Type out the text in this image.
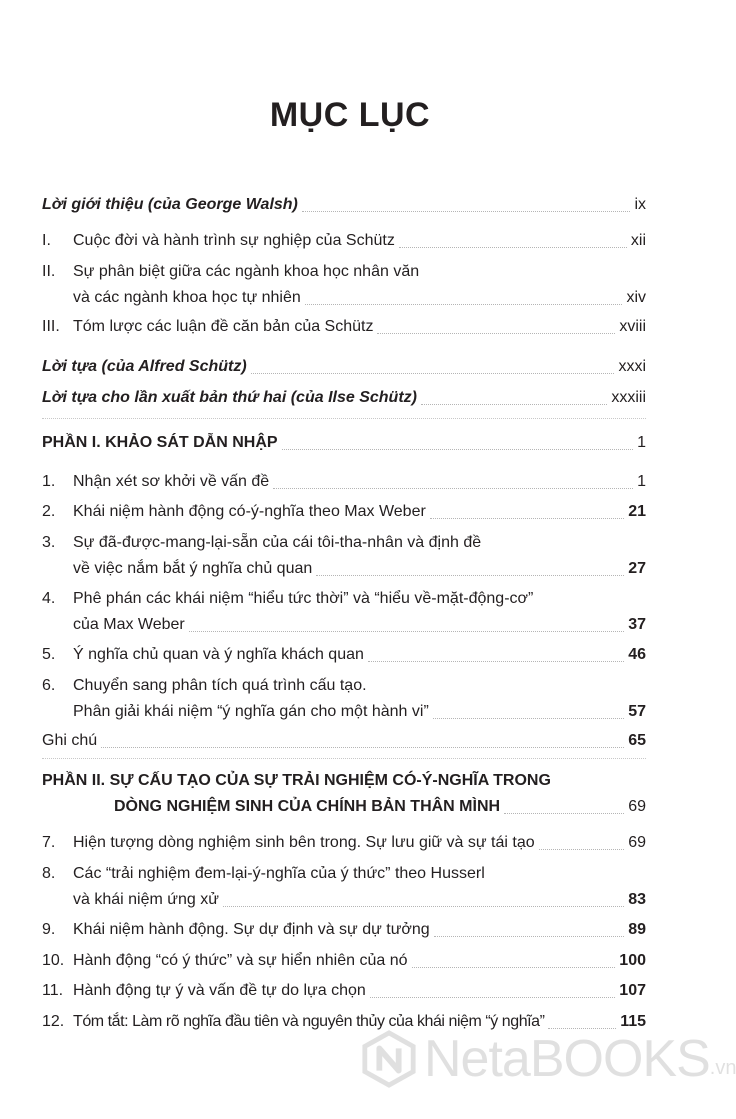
MỤC LỤC
Lời giới thiệu (của George Walsh)	ix
I.	Cuộc đời và hành trình sự nghiệp của Schütz	xii
II.	Sự phân biệt giữa các ngành khoa học nhân văn
và các ngành khoa học tự nhiên	xiv
III. Tóm lược các luận đề căn bản của Schütz	xviii
Lời tựa (của Alfred Schütz)	xxxi
Lời tựa cho lần xuất bản thứ hai (của Ilse Schütz)	xxxiii
PHẦN I. KHẢO SÁT DẪN NHẬP	1
1.	Nhận xét sơ khởi về vấn đề	1
2.	Khái niệm hành động có-ý-nghĩa theo Max Weber	21
3.	Sự đã-được-mang-lại-sẵn của cái tôi-tha-nhân và định đề
về việc nắm bắt ý nghĩa chủ quan	27
4.	Phê phán các khái niệm “hiểu tức thời” và “hiểu về-mặt-động-cơ”
của Max Weber	37
5.	Ý nghĩa chủ quan và ý nghĩa khách quan	46
6.	Chuyển sang phân tích quá trình cấu tạo.
Phân giải khái niệm “ý nghĩa gán cho một hành vi”	57
Ghi chú	65
PHẦN II. SỰ CẤU TẠO CỦA SỰ TRẢI NGHIỆM CÓ-Ý-NGHĨA TRONG
DÒNG NGHIỆM SINH CỦA CHÍNH BẢN THÂN MÌNH	69
7.	Hiện tượng dòng nghiệm sinh bên trong. Sự lưu giữ và sự tái tạo	69
8.	Các “trải nghiệm đem-lại-ý-nghĩa của ý thức” theo Husserl
và khái niệm ứng xử	83
9.	Khái niệm hành động. Sự dự định và sự dự tưởng	89
10. Hành động “có ý thức” và sự hiển nhiên của nó	100
11. Hành động tự ý và vấn đề tự do lựa chọn	107
12. Tóm tắt: Làm rõ nghĩa đầu tiên và nguyên thủy của khái niệm “ý nghĩa”	115
NetaBOOKS .vn
